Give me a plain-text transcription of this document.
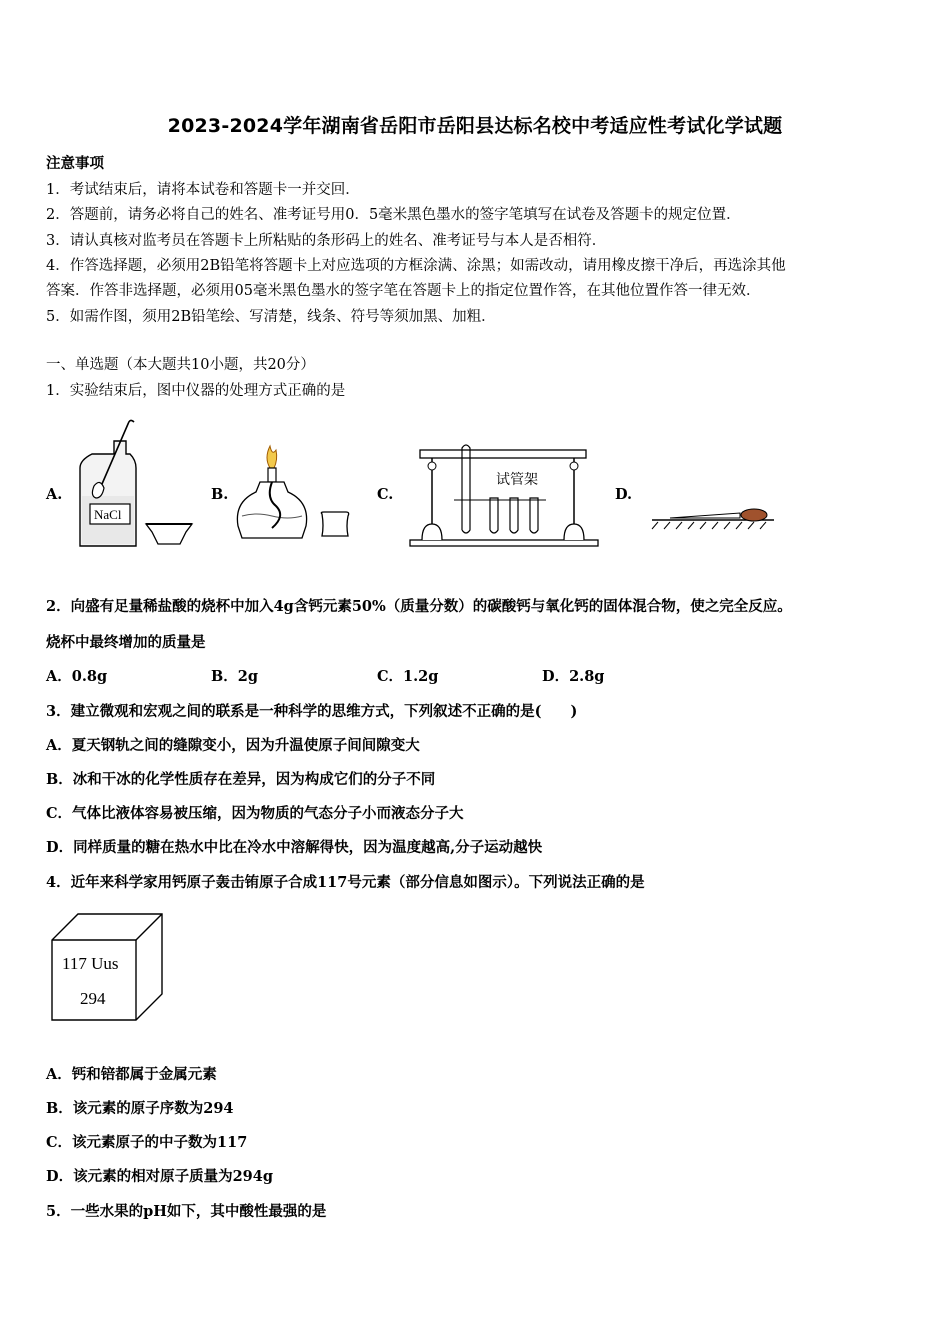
2023-2024学年湖南省岳阳市岳阳县达标名校中考适应性考试化学试题
注意事项
1．考试结束后，请将本试卷和答题卡一并交回．
2．答题前，请务必将自己的姓名、准考证号用0．5毫米黑色墨水的签字笔填写在试卷及答题卡的规定位置．
3．请认真核对监考员在答题卡上所粘贴的条形码上的姓名、准考证号与本人是否相符．
4．作答选择题，必须用2B铅笔将答题卡上对应选项的方框涂满、涂黑；如需改动，请用橡皮擦干净后，再选涂其他
答案．作答非选择题，必须用05毫米黑色墨水的签字笔在答题卡上的指定位置作答，在其他位置作答一律无效．
5．如需作图，须用2B铅笔绘、写清楚，线条、符号等须加黑、加粗．
一、单选题（本大题共10小题，共20分）
1．实验结束后，图中仪器的处理方式正确的是
A.
NaCl
B.	C.
试管架
D.
2．向盛有足量稀盐酸的烧杯中加入4g含钙元素50%（质量分数）的碳酸钙与氧化钙的固体混合物，使之完全反应。
烧杯中最终增加的质量是
A．0.8g	B．2g	C．1.2g	D．2.8g
3．建立微观和宏观之间的联系是一种科学的思维方式，下列叙述不正确的是(　　)
A．夏天钢轨之间的缝隙变小，因为升温使原子间间隙变大
B．冰和干冰的化学性质存在差异，因为构成它们的分子不同
C．气体比液体容易被压缩，因为物质的气态分子小而液态分子大
D．同样质量的糖在热水中比在冷水中溶解得快，因为温度越高,分子运动越快
4．近年来科学家用钙原子轰击铕原子合成117号元素（部分信息如图示）。下列说法正确的是
117 Uus
294
A．钙和锫都属于金属元素
B．该元素的原子序数为294
C．该元素原子的中子数为117
D．该元素的相对原子质量为294g
5．一些水果的pH如下，其中酸性最强的是
